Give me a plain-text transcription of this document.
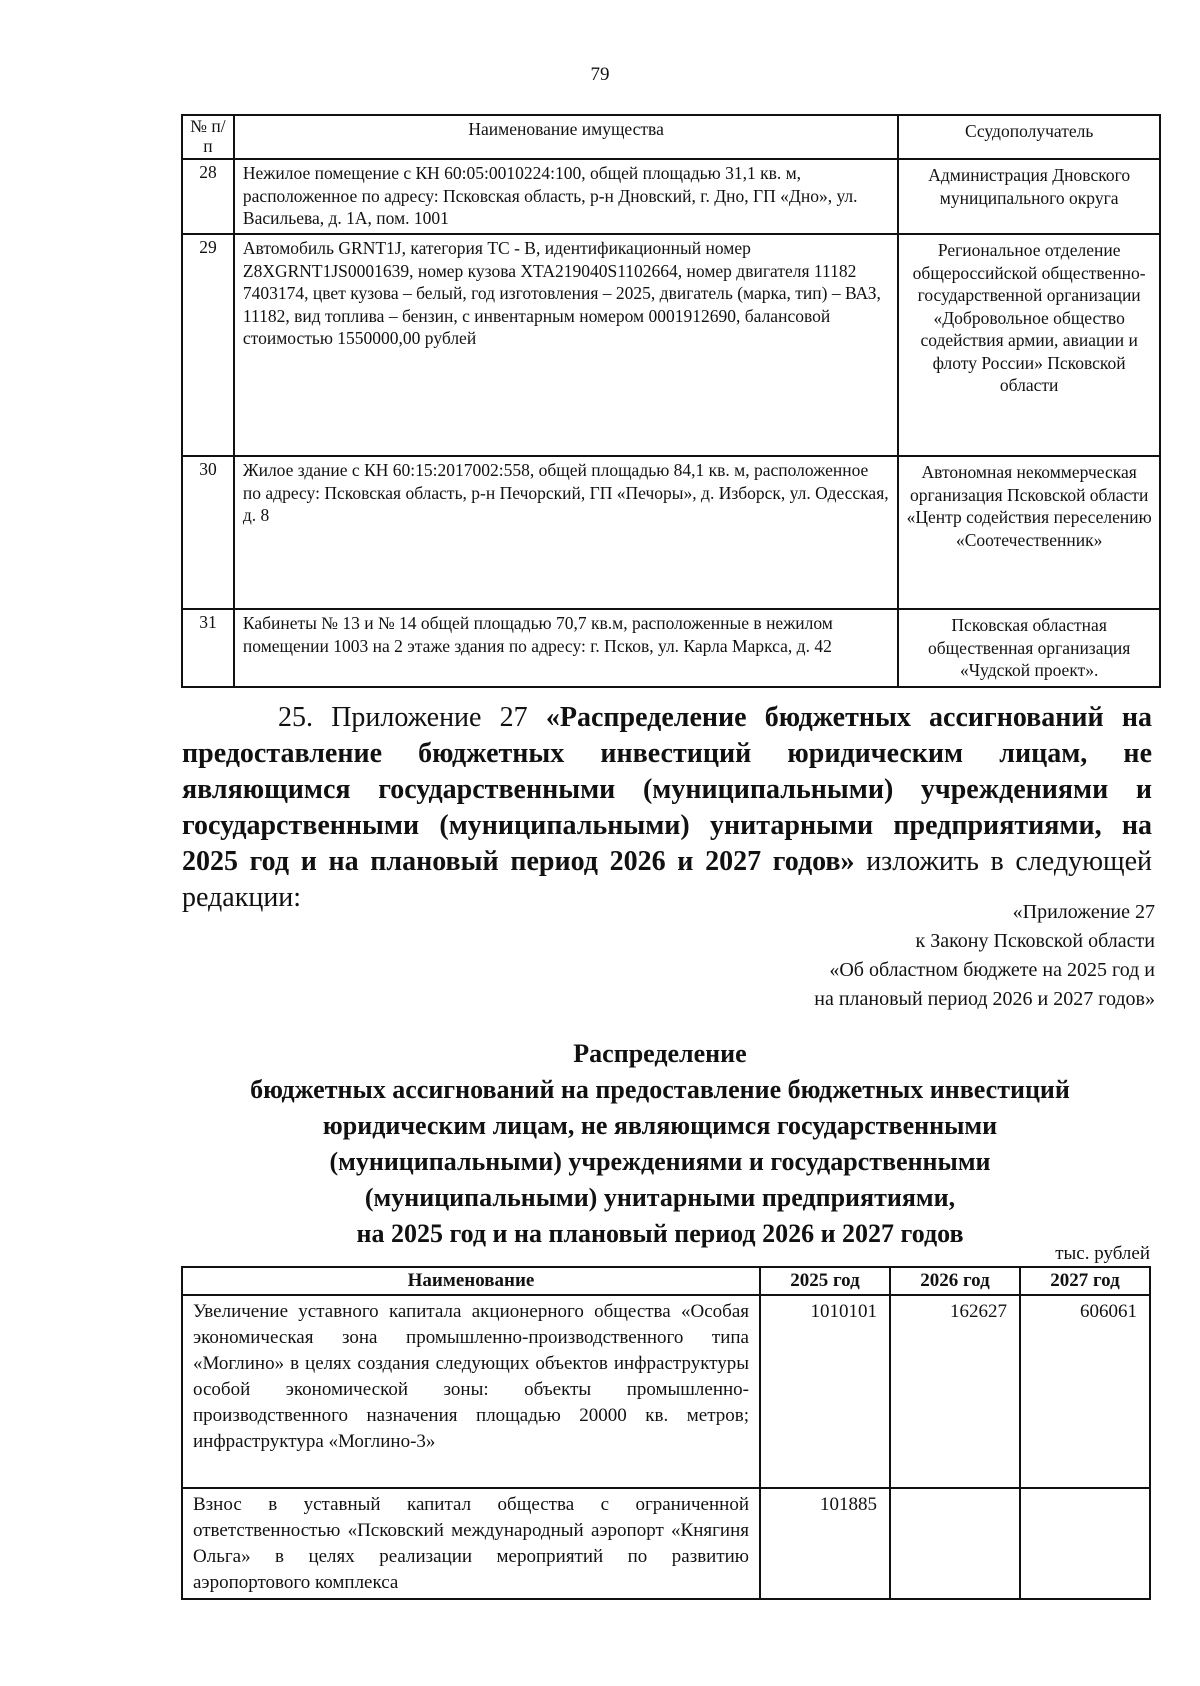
79
№ п/п	Наименование имущества	Ссудополучатель
28	Нежилое помещение с КН 60:05:0010224:100, общей площадью 31,1 кв. м, расположенное по адресу: Псковская область, р-н Дновский, г. Дно, ГП «Дно», ул. Васильева, д. 1А, пом. 1001	Администрация Дновского муниципального округа
29	Автомобиль GRNT1J, категория ТС - В, идентификационный номер Z8XGRNT1JS0001639, номер кузова XTA219040S1102664, номер двигателя 11182 7403174, цвет кузова – белый, год изготовления – 2025, двигатель (марка, тип) – ВАЗ, 11182, вид топлива – бензин, с инвентарным номером 0001912690, балансовой стоимостью 1550000,00 рублей	Региональное отделение общероссийской общественно-государственной организации «Добровольное общество содействия армии, авиации и флоту России» Псковской области
30	Жилое здание с КН 60:15:2017002:558, общей площадью 84,1 кв. м, расположенное по адресу: Псковская область, р-н Печорский, ГП «Печоры», д. Изборск, ул. Одесская, д. 8	Автономная некоммерческая организация Псковской области «Центр содействия переселению «Соотечественник»
31	Кабинеты № 13 и № 14 общей площадью 70,7 кв.м, расположенные в нежилом помещении 1003 на 2 этаже здания по адресу: г. Псков, ул. Карла Маркса, д. 42	Псковская областная общественная организация «Чудской проект».

25. Приложение 27 «Распределение бюджетных ассигнований на предоставление бюджетных инвестиций юридическим лицам, не являющимся государственными (муниципальными) учреждениями и государственными (муниципальными) унитарными предприятиями, на 2025 год и на плановый период 2026 и 2027 годов» изложить в следующей редакции:	«Приложение 27
к Закону Псковской области
«Об областном бюджете на 2025 год и
на плановый период 2026 и 2027 годов»
Распределение
бюджетных ассигнований на предоставление бюджетных инвестиций
юридическим лицам, не являющимся государственными
(муниципальными) учреждениями и государственными
(муниципальными) унитарными предприятиями,
на 2025 год и на плановый период 2026 и 2027 годов
тыс. рублей
Наименование	2025 год	2026 год	2027 год
Увеличение уставного капитала акционерного общества «Особая экономическая зона промышленно-производственного типа «Моглино» в целях создания следующих объектов инфраструктуры особой экономической зоны: объекты промышленно-производственного назначения площадью 20000 кв. метров; инфраструктура «Моглино-3»	1010101	162627	606061
Взнос в уставный капитал общества с ограниченной ответственностью «Псковский международный аэропорт «Княгиня Ольга» в целях реализации мероприятий по развитию аэропортового комплекса	101885		
